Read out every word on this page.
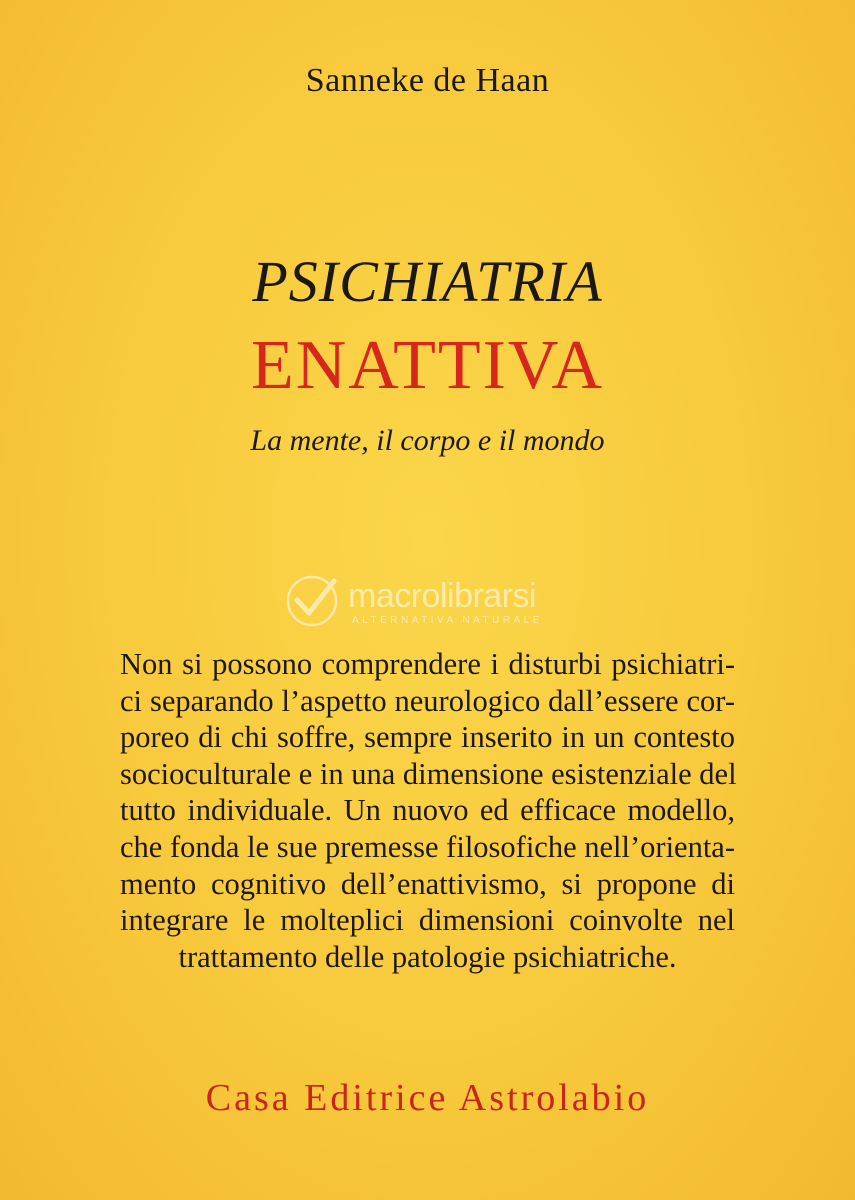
Sanneke de Haan
PSICHIATRIA
ENATTIVA
La mente, il corpo e il mondo
macrolibrarsi
ALTERNATIVA NATURALE
Non si possono comprendere i disturbi psichiatri-
ci separando l’aspetto neurologico dall’essere cor-
poreo di chi soffre, sempre inserito in un contesto
socioculturale e in una dimensione esistenziale del
tutto individuale. Un nuovo ed efficace modello,
che fonda le sue premesse filosofiche nell’orienta-
mento cognitivo dell’enattivismo, si propone di
integrare le molteplici dimensioni coinvolte nel
trattamento delle patologie psichiatriche.
Casa Editrice Astrolabio
